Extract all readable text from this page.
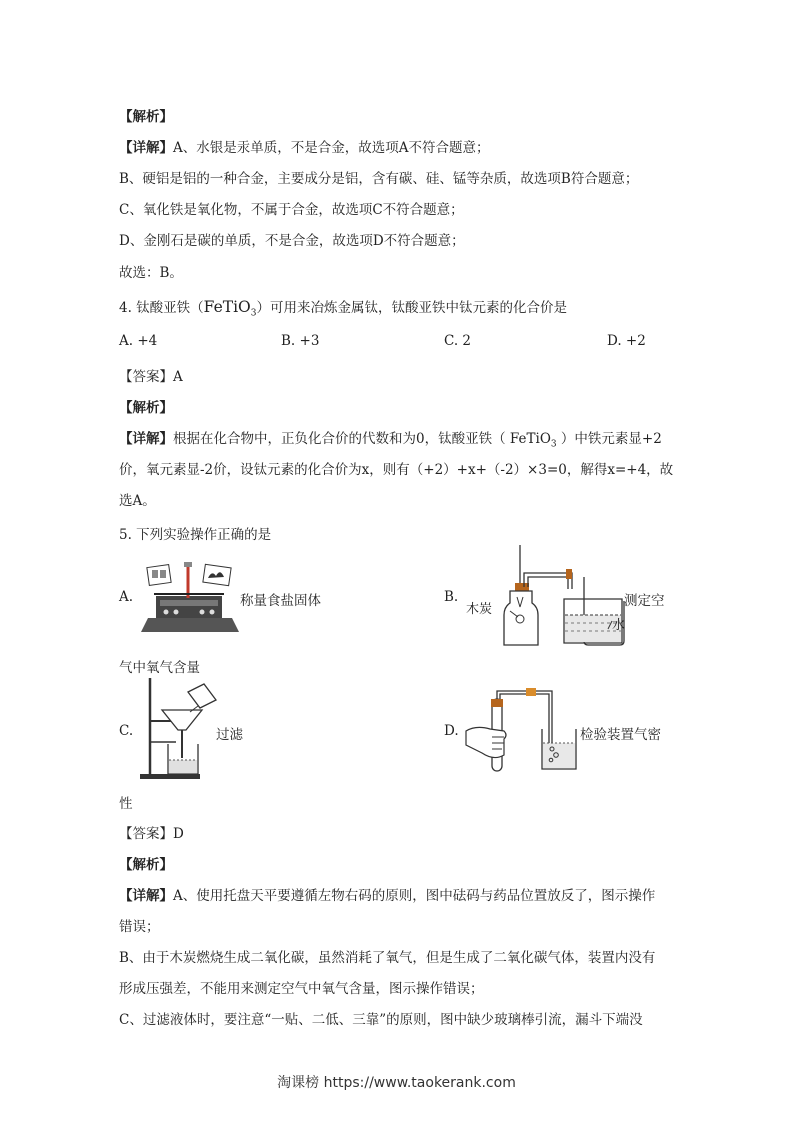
【解析】
【详解】A、水银是汞单质，不是合金，故选项A不符合题意；
B、硬铝是铝的一种合金，主要成分是铝，含有碳、硅、锰等杂质，故选项B符合题意；
C、氧化铁是氧化物，不属于合金，故选项C不符合题意；
D、金刚石是碳的单质，不是合金，故选项D不符合题意；
故选：B。
4. 钛酸亚铁（FeTiO$_3$）可用来冶炼金属钛，钛酸亚铁中钛元素的化合价是
A. +4	B. +3	C. 2	D. +2
【答案】A
【解析】
【详解】根据在化合物中，正负化合价的代数和为0，钛酸亚铁（ FeTiO$_3$ ）中铁元素显+2
价，氧元素显-2价，设钛元素的化合价为x，则有（+2）+x+（-2）×3=0，解得x=+4，故
选A。
5. 下列实验操作正确的是
A.	称量食盐固体	B.
木炭
水
测定空
气中氧气含量
C.	过滤	D.	检验装置气密
性
【答案】D
【解析】
【详解】A、使用托盘天平要遵循左物右码的原则，图中砝码与药品位置放反了，图示操作
错误；
B、由于木炭燃烧生成二氧化碳，虽然消耗了氧气，但是生成了二氧化碳气体，装置内没有
形成压强差，不能用来测定空气中氧气含量，图示操作错误；
C、过滤液体时，要注意“一贴、二低、三靠”的原则，图中缺少玻璃棒引流，漏斗下端没
淘课榜 https://www.taokerank.com
